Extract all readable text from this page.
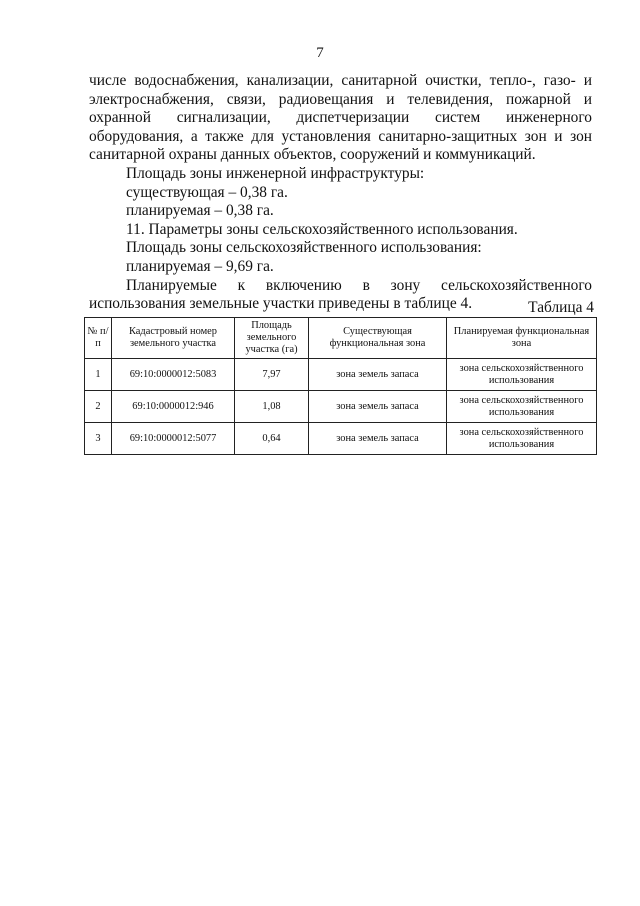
7

числе водоснабжения, канализации, санитарной очистки, тепло-, газо- и

электроснабжения, связи, радиовещания и телевидения, пожарной и

охранной сигнализации, диспетчеризации систем инженерного

оборудования, а также для установления санитарно-защитных зон и зон

санитарной охраны данных объектов, сооружений и коммуникаций.

Площадь зоны инженерной инфраструктуры:

существующая – 0,38 га.

планируемая – 0,38 га.

11. Параметры зоны сельскохозяйственного использования.

Площадь зоны сельскохозяйственного использования:

планируемая – 9,69 га.

Планируемые к включению в зону сельскохозяйственного

использования земельные участки приведены в таблице 4.	Таблица 4
№ п/п	Кадастровый номер земельного участка	Площадь земельного участка (га)	Существующая функциональная зона	Планируемая функциональная зона
1	69:10:0000012:5083	7,97	зона земель запаса	зона сельскохозяйственного использования
2	69:10:0000012:946	1,08	зона земель запаса	зона сельскохозяйственного использования
3	69:10:0000012:5077	0,64	зона земель запаса	зона сельскохозяйственного использования
